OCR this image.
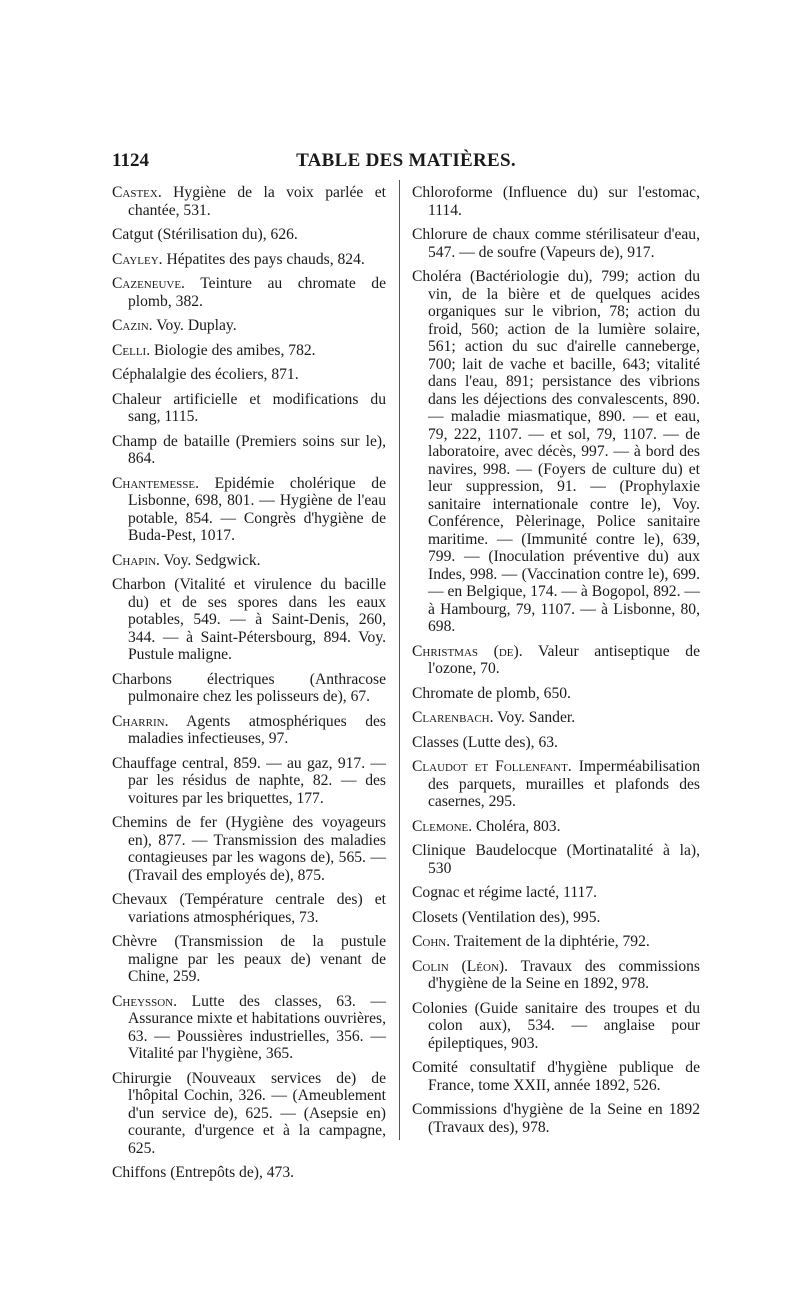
1124	TABLE DES MATIÈRES.

Castex. Hygiène de la voix parlée et chantée, 531.

Catgut (Stérilisation du), 626.

Cayley. Hépatites des pays chauds, 824.

Cazeneuve. Teinture au chromate de plomb, 382.

Cazin. Voy. Duplay.

Celli. Biologie des amibes, 782.

Céphalalgie des écoliers, 871.

Chaleur artificielle et modifications du sang, 1115.

Champ de bataille (Premiers soins sur le), 864.

Chantemesse. Epidémie cholérique de Lisbonne, 698, 801. — Hygiène de l'eau potable, 854. — Congrès d'hygiène de Buda-Pest, 1017.

Chapin. Voy. Sedgwick.

Charbon (Vitalité et virulence du bacille du) et de ses spores dans les eaux potables, 549. — à Saint-Denis, 260, 344. — à Saint-Pétersbourg, 894. Voy. Pustule maligne.

Charbons électriques (Anthracose pulmonaire chez les polisseurs de), 67.

Charrin. Agents atmosphériques des maladies infectieuses, 97.

Chauffage central, 859. — au gaz, 917. — par les résidus de naphte, 82. — des voitures par les briquettes, 177.

Chemins de fer (Hygiène des voyageurs en), 877. — Transmission des maladies contagieuses par les wagons de), 565. — (Travail des employés de), 875.

Chevaux (Température centrale des) et variations atmosphériques, 73.

Chèvre (Transmission de la pustule maligne par les peaux de) venant de Chine, 259.

Cheysson. Lutte des classes, 63. — Assurance mixte et habitations ouvrières, 63. — Poussières industrielles, 356. — Vitalité par l'hygiène, 365.

Chirurgie (Nouveaux services de) de l'hôpital Cochin, 326. — (Ameublement d'un service de), 625. — (Asepsie en) courante, d'urgence et à la campagne, 625.

Chiffons (Entrepôts de), 473.

Chloroforme (Influence du) sur l'estomac, 1114.

Chlorure de chaux comme stérilisateur d'eau, 547. — de soufre (Vapeurs de), 917.

Choléra (Bactériologie du), 799; action du vin, de la bière et de quelques acides organiques sur le vibrion, 78; action du froid, 560; action de la lumière solaire, 561; action du suc d'airelle canneberge, 700; lait de vache et bacille, 643; vitalité dans l'eau, 891; persistance des vibrions dans les déjections des convalescents, 890. — maladie miasmatique, 890. — et eau, 79, 222, 1107. — et sol, 79, 1107. — de laboratoire, avec décès, 997. — à bord des navires, 998. — (Foyers de culture du) et leur suppression, 91. — (Prophylaxie sanitaire internationale contre le), Voy. Conférence, Pèlerinage, Police sanitaire maritime. — (Immunité contre le), 639, 799. — (Inoculation préventive du) aux Indes, 998. — (Vaccination contre le), 699. — en Belgique, 174. — à Bogopol, 892. — à Hambourg, 79, 1107. — à Lisbonne, 80, 698.

Christmas (de). Valeur antiseptique de l'ozone, 70.

Chromate de plomb, 650.

Clarenbach. Voy. Sander.

Classes (Lutte des), 63.

Claudot et Follenfant. Imperméabilisation des parquets, murailles et plafonds des casernes, 295.

Clemone. Choléra, 803.

Clinique Baudelocque (Mortinatalité à la), 530

Cognac et régime lacté, 1117.

Closets (Ventilation des), 995.

Cohn. Traitement de la diphtérie, 792.

Colin (Léon). Travaux des commissions d'hygiène de la Seine en 1892, 978.

Colonies (Guide sanitaire des troupes et du colon aux), 534. — anglaise pour épileptiques, 903.

Comité consultatif d'hygiène publique de France, tome XXII, année 1892, 526.

Commissions d'hygiène de la Seine en 1892 (Travaux des), 978.
